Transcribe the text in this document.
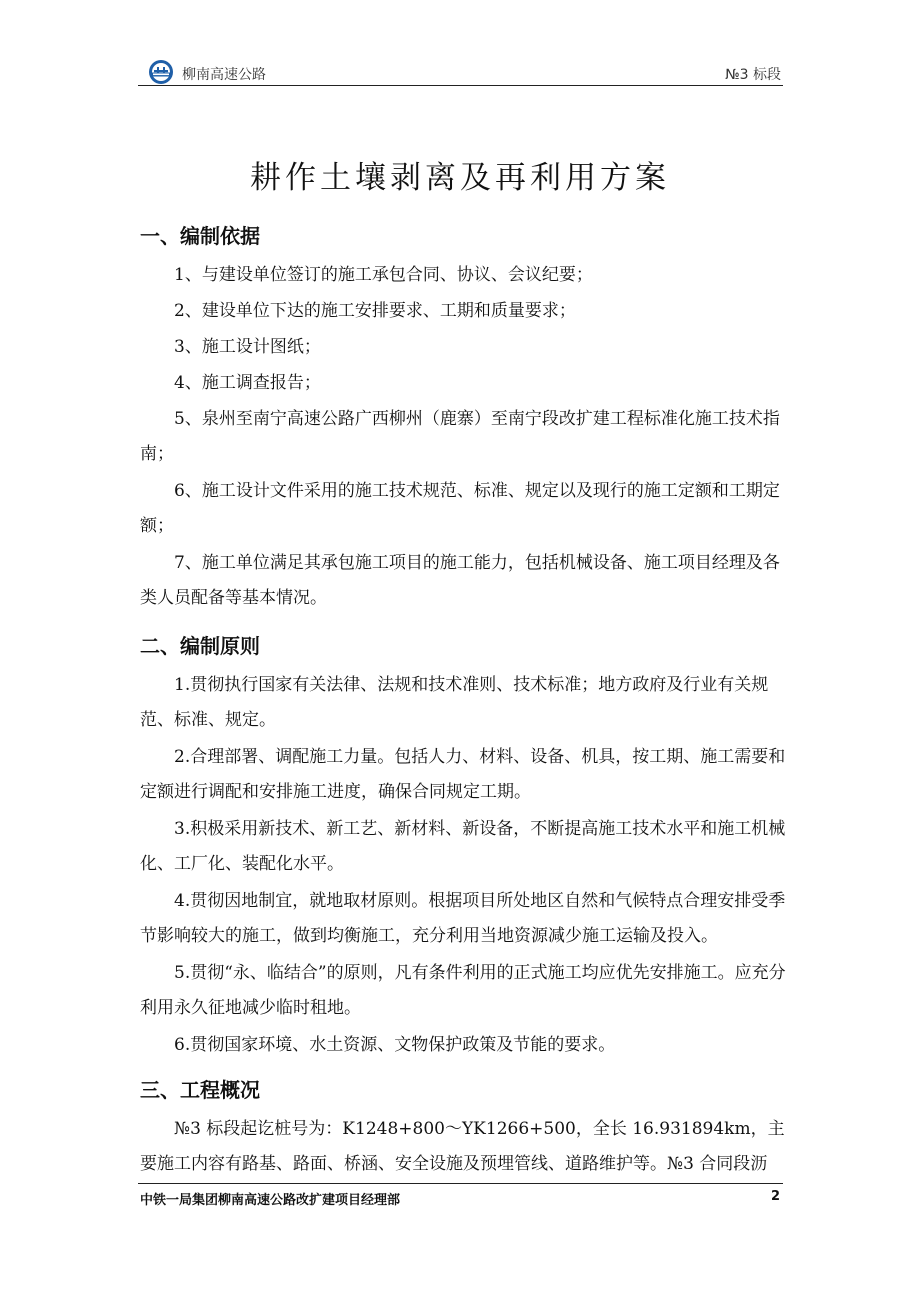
柳南高速公路	№3 标段
耕作土壤剥离及再利用方案
一、编制依据
1、与建设单位签订的施工承包合同、协议、会议纪要；
2、建设单位下达的施工安排要求、工期和质量要求；
3、施工设计图纸；
4、施工调查报告；
5、泉州至南宁高速公路广西柳州（鹿寨）至南宁段改扩建工程标准化施工技术指南；
6、施工设计文件采用的施工技术规范、标准、规定以及现行的施工定额和工期定额；
7、施工单位满足其承包施工项目的施工能力，包括机械设备、施工项目经理及各类人员配备等基本情况。
二、编制原则
1.贯彻执行国家有关法律、法规和技术准则、技术标准；地方政府及行业有关规范、标准、规定。
2.合理部署、调配施工力量。包括人力、材料、设备、机具，按工期、施工需要和定额进行调配和安排施工进度，确保合同规定工期。
3.积极采用新技术、新工艺、新材料、新设备，不断提高施工技术水平和施工机械化、工厂化、装配化水平。
4.贯彻因地制宜，就地取材原则。根据项目所处地区自然和气候特点合理安排受季节影响较大的施工，做到均衡施工，充分利用当地资源减少施工运输及投入。
5.贯彻“永、临结合”的原则，凡有条件利用的正式施工均应优先安排施工。应充分利用永久征地减少临时租地。
6.贯彻国家环境、水土资源、文物保护政策及节能的要求。
三、工程概况
№3 标段起讫桩号为：K1248+800～YK1266+500，全长 16.931894km，主要施工内容有路基、路面、桥涵、安全设施及预埋管线、道路维护等。№3 合同段沥
中铁一局集团柳南高速公路改扩建项目经理部	2
